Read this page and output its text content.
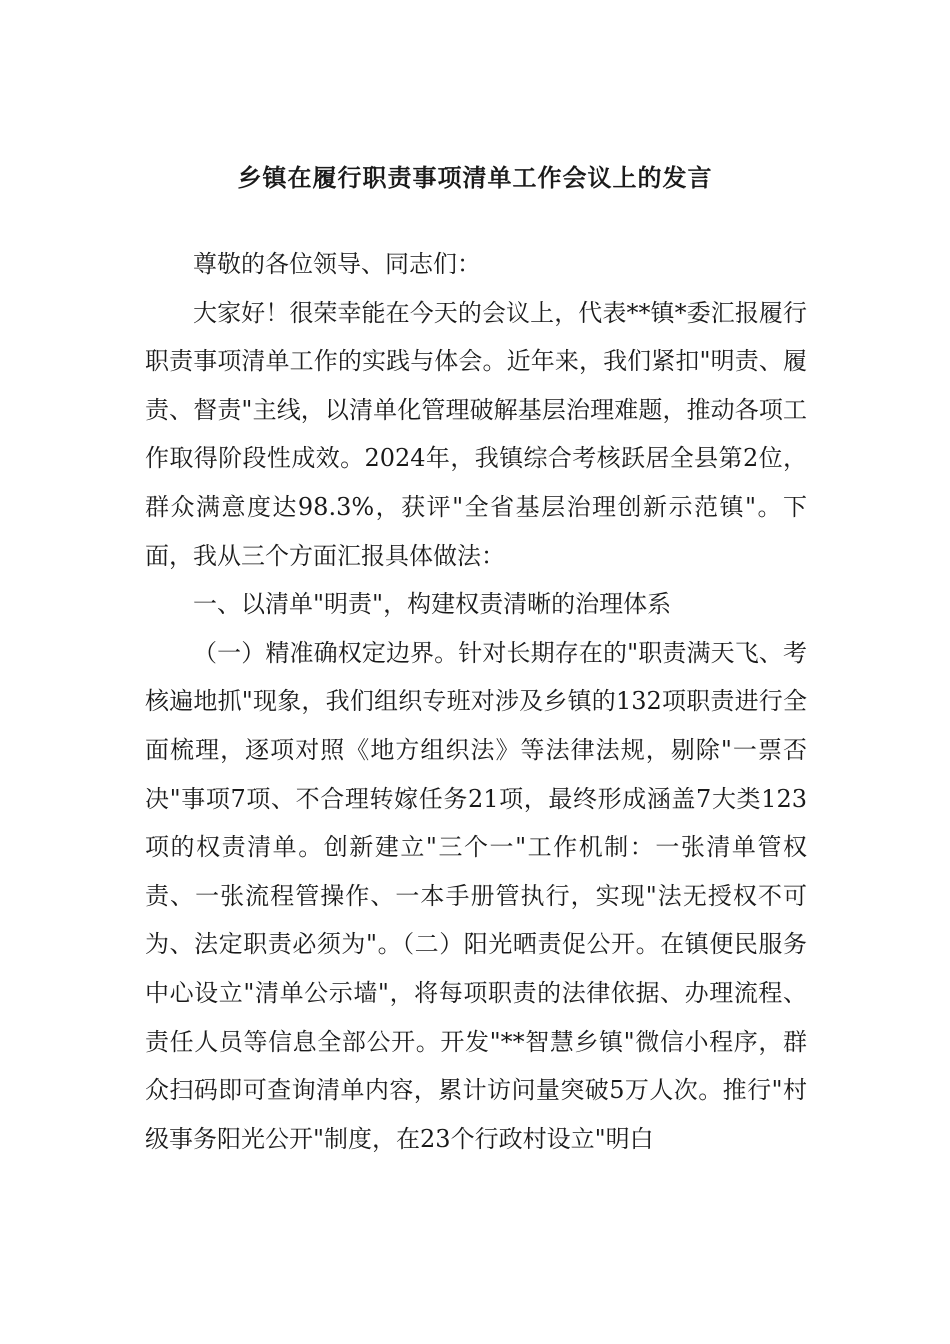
乡镇在履行职责事项清单工作会议上的发言

尊敬的各位领导、同志们：

大家好！很荣幸能在今天的会议上，代表**镇*委汇报履行职责事项清单工作的实践与体会。近年来，我们紧扣"明责、履责、督责"主线，以清单化管理破解基层治理难题，推动各项工作取得阶段性成效。2024年，我镇综合考核跃居全县第2位，群众满意度达98.3%，获评"全省基层治理创新示范镇"。下面，我从三个方面汇报具体做法：

一、以清单"明责"，构建权责清晰的治理体系

（一）精准确权定边界。针对长期存在的"职责满天飞、考核遍地抓"现象，我们组织专班对涉及乡镇的132项职责进行全面梳理，逐项对照《地方组织法》等法律法规，剔除"一票否决"事项7项、不合理转嫁任务21项，最终形成涵盖7大类123项的权责清单。创新建立"三个一"工作机制：一张清单管权责、一张流程管操作、一本手册管执行，实现"法无授权不可为、法定职责必须为"。（二）阳光晒责促公开。在镇便民服务中心设立"清单公示墙"，将每项职责的法律依据、办理流程、责任人员等信息全部公开。开发"**智慧乡镇"微信小程序，群众扫码即可查询清单内容，累计访问量突破5万人次。推行"村级事务阳光公开"制度，在23个行政村设立"明白
